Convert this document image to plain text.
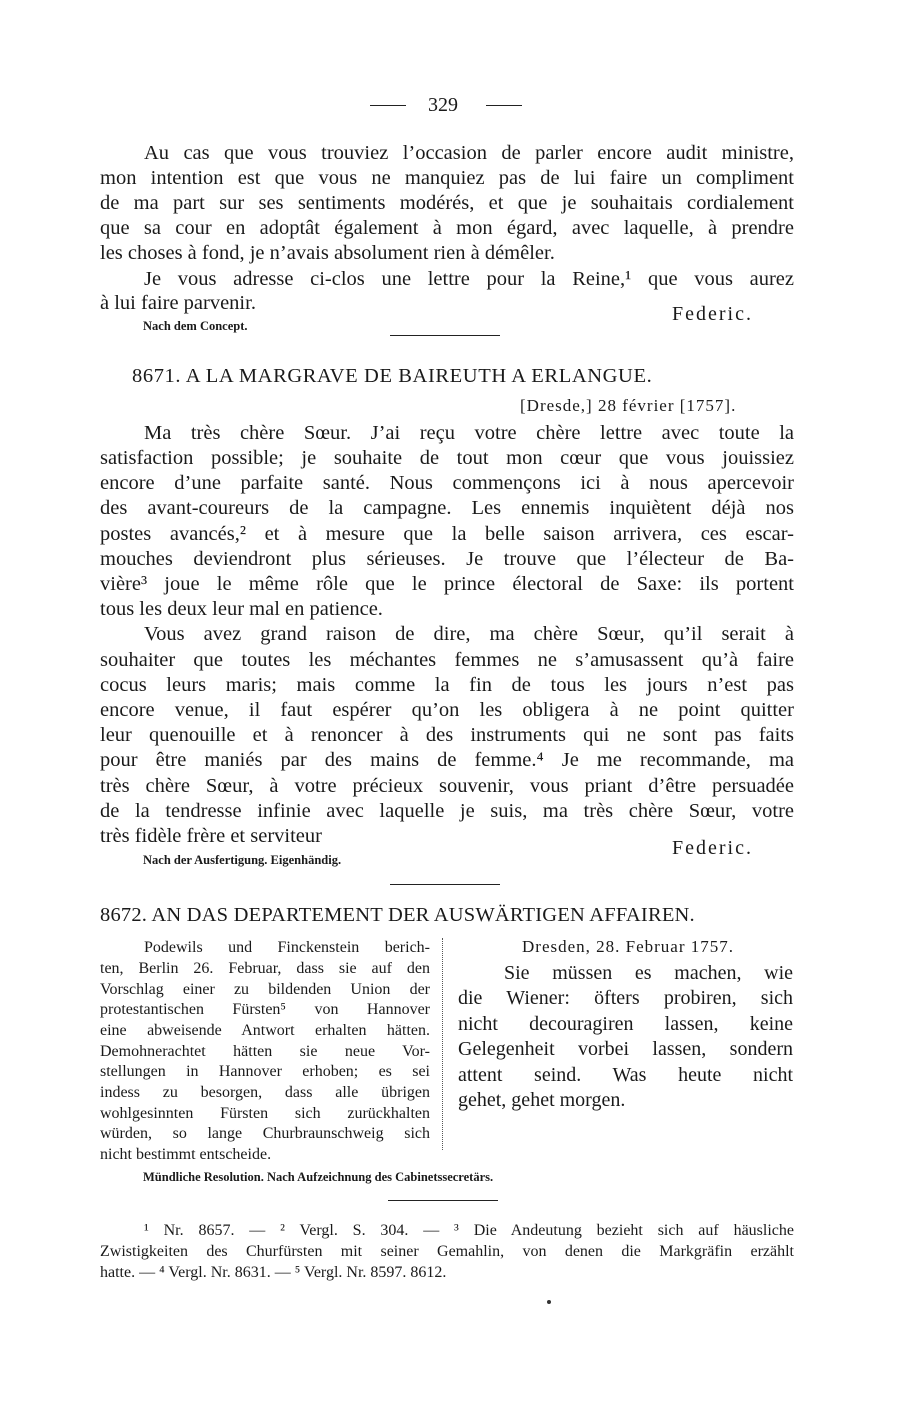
329
Au cas que vous trouviez l’occasion de parler encore audit ministre,
mon intention est que vous ne manquiez pas de lui faire un compliment
de ma part sur ses sentiments modérés, et que je souhaitais cordialement
que sa cour en adoptât également à mon égard, avec laquelle, à prendre
les choses à fond, je n’avais absolument rien à démêler.
Je vous adresse ci-clos une lettre pour la Reine,¹ que vous aurez
à lui faire parvenir.	Federic.
Nach dem Concept.
8671. A LA MARGRAVE DE BAIREUTH A ERLANGUE.
[Dresde,] 28 février [1757].
Ma très chère Sœur. J’ai reçu votre chère lettre avec toute la
satisfaction possible; je souhaite de tout mon cœur que vous jouissiez
encore d’une parfaite santé. Nous commençons ici à nous apercevoir
des avant-coureurs de la campagne. Les ennemis inquiètent déjà nos
postes avancés,² et à mesure que la belle saison arrivera, ces escar-
mouches deviendront plus sérieuses. Je trouve que l’électeur de Ba-
vière³ joue le même rôle que le prince électoral de Saxe: ils portent
tous les deux leur mal en patience.
Vous avez grand raison de dire, ma chère Sœur, qu’il serait à
souhaiter que toutes les méchantes femmes ne s’amusassent qu’à faire
cocus leurs maris; mais comme la fin de tous les jours n’est pas
encore venue, il faut espérer qu’on les obligera à ne point quitter
leur quenouille et à renoncer à des instruments qui ne sont pas faits
pour être maniés par des mains de femme.⁴ Je me recommande, ma
très chère Sœur, à votre précieux souvenir, vous priant d’être persuadée
de la tendresse infinie avec laquelle je suis, ma très chère Sœur, votre
très fidèle frère et serviteur
Federic.
Nach der Ausfertigung. Eigenhändig.
8672. AN DAS DEPARTEMENT DER AUSWÄRTIGEN AFFAIREN.
Podewils und Finckenstein berich-
ten, Berlin 26. Februar, dass sie auf den
Vorschlag einer zu bildenden Union der
protestantischen Fürsten⁵ von Hannover
eine abweisende Antwort erhalten hätten.
Demohnerachtet hätten sie neue Vor-
stellungen in Hannover erhoben; es sei
indess zu besorgen, dass alle übrigen
wohlgesinnten Fürsten sich zurückhalten
würden, so lange Churbraunschweig sich
nicht bestimmt entscheide.
Dresden, 28. Februar 1757.
Sie müssen es machen, wie
die Wiener: öfters probiren, sich
nicht decouragiren lassen, keine
Gelegenheit vorbei lassen, sondern
attent seind. Was heute nicht
gehet, gehet morgen.
Mündliche Resolution. Nach Aufzeichnung des Cabinetssecretärs.
¹ Nr. 8657. — ² Vergl. S. 304. — ³ Die Andeutung bezieht sich auf häusliche
Zwistigkeiten des Churfürsten mit seiner Gemahlin, von denen die Markgräfin erzählt
hatte. — ⁴ Vergl. Nr. 8631. — ⁵ Vergl. Nr. 8597. 8612.
